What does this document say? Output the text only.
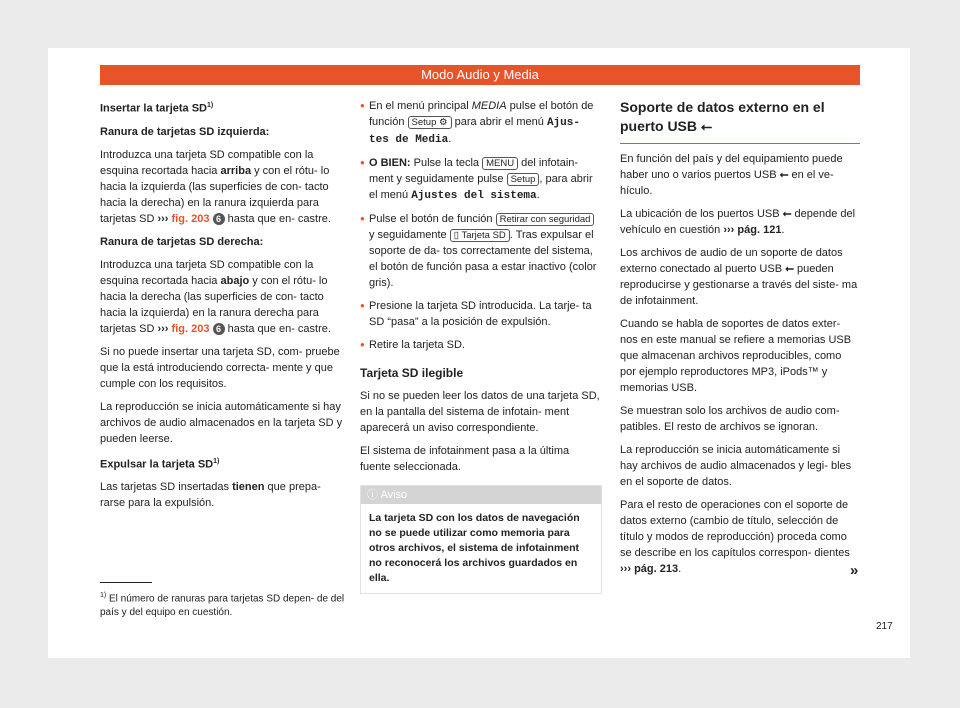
Modo Audio y Media

Insertar la tarjeta SD$^{1)}$

Ranura de tarjetas SD izquierda:

Introduzca una tarjeta SD compatible con la esquina recortada hacia arriba y con el rótu- lo hacia la izquierda (las superficies de con- tacto hacia la derecha) en la ranura izquierda para tarjetas SD ››› fig. 203 6 hasta que en- castre.

Ranura de tarjetas SD derecha:

Introduzca una tarjeta SD compatible con la esquina recortada hacia abajo y con el rótu- lo hacia la derecha (las superficies de con- tacto hacia la izquierda) en la ranura derecha para tarjetas SD ››› fig. 203 6 hasta que en- castre.

Si no puede insertar una tarjeta SD, com- pruebe que la está introduciendo correcta- mente y que cumple con los requisitos.

La reproducción se inicia automáticamente si hay archivos de audio almacenados en la tarjeta SD y pueden leerse.

Expulsar la tarjeta SD$^{1)}$

Las tarjetas SD insertadas tienen que prepa- rarse para la expulsión.

● En el menú principal MEDIA pulse el botón de función Setup ⚙ para abrir el menú Ajus- tes de Media.

● O BIEN: Pulse la tecla MENU del infotain- ment y seguidamente pulse Setup , para abrir el menú Ajustes del sistema.

● Pulse el botón de función Retirar con seguridad y seguidamente ▯ Tarjeta SD . Tras expulsar el soporte de da- tos correctamente del sistema, el botón de función pasa a estar inactivo (color gris).

● Presione la tarjeta SD introducida. La tarje- ta SD “pasa” a la posición de expulsión.

● Retire la tarjeta SD.

Tarjeta SD ilegible

Si no se pueden leer los datos de una tarjeta SD, en la pantalla del sistema de infotain- ment aparecerá un aviso correspondiente.

El sistema de infotainment pasa a la última fuente seleccionada.

ⓘ Aviso
La tarjeta SD con los datos de navegación no se puede utilizar como memoria para otros archivos, el sistema de infotainment no reconocerá los archivos guardados en ella.

Soporte de datos externo en el puerto USB ⭠

En función del país y del equipamiento puede haber uno o varios puertos USB ⭠ en el ve- hículo.

La ubicación de los puertos USB ⭠ depende del vehículo en cuestión ››› pág. 121.

Los archivos de audio de un soporte de datos externo conectado al puerto USB ⭠ pueden reproducirse y gestionarse a través del siste- ma de infotainment.

Cuando se habla de soportes de datos exter- nos en este manual se refiere a memorias USB que almacenan archivos reproducibles, como por ejemplo reproductores MP3, iPods™ y memorias USB.

Se muestran solo los archivos de audio com- patibles. El resto de archivos se ignoran.

La reproducción se inicia automáticamente si hay archivos de audio almacenados y legi- bles en el soporte de datos.

Para el resto de operaciones con el soporte de datos externo (cambio de título, selección de título y modos de reproducción) proceda como se describe en los capítulos correspon- dientes ››› pág. 213.	»
$^{1)}$ El número de ranuras para tarjetas SD depen- de del país y del equipo en cuestión.
217
